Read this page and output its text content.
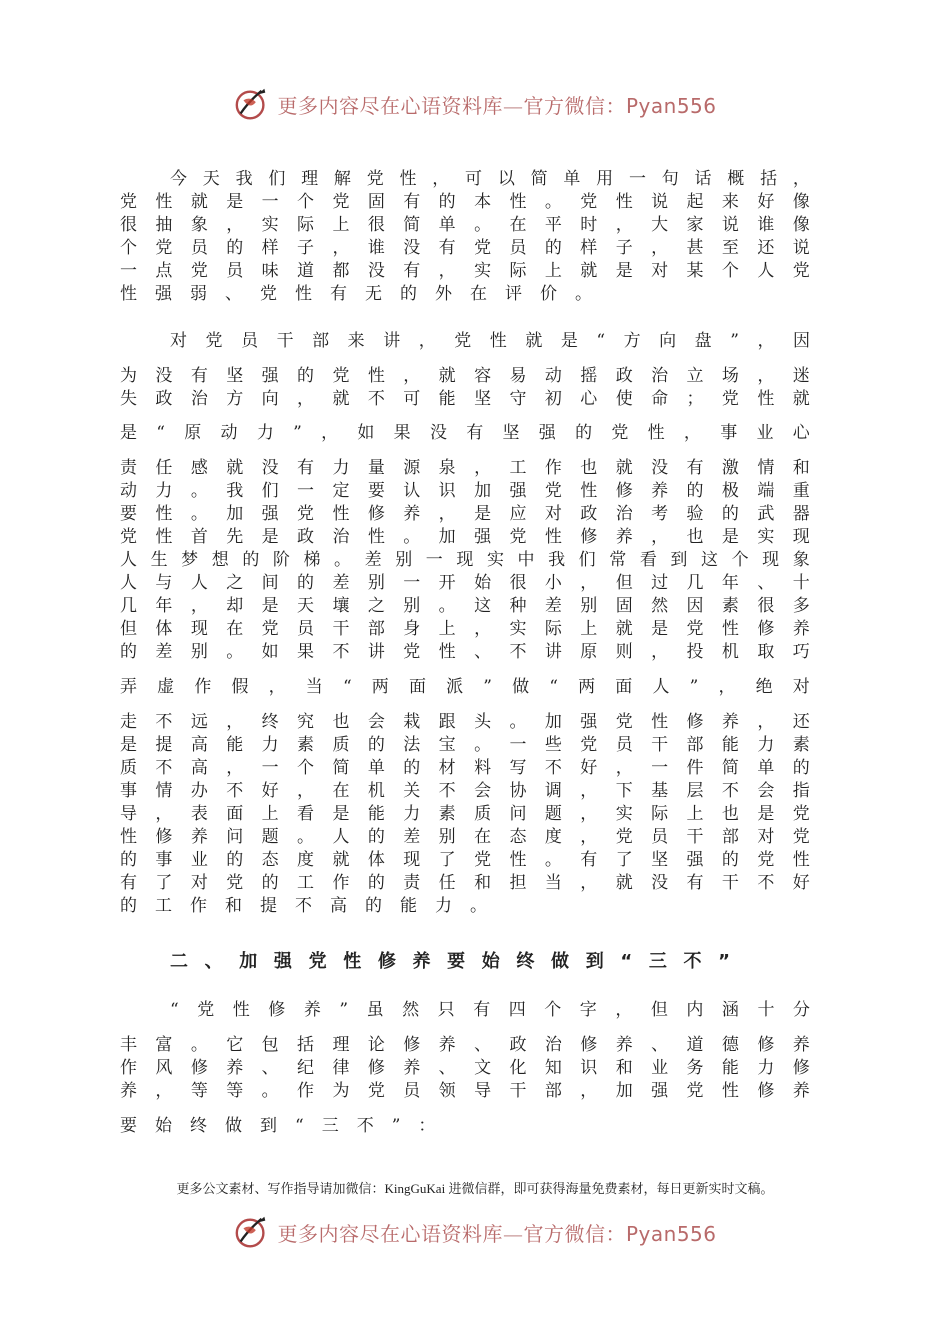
更多内容尽在心语资料库—官方微信：Pyan556
今 天 我 们 理 解 党 性 ， 可 以 简 单 用 一 句 话 概 括 ，
党 性 就 是 一 个 党 固 有 的 本 性 。 党 性 说 起 来 好 像
很 抽 象 ， 实 际 上 很 简 单 。 在 平 时 ， 大 家 说 谁 像
个 党 员 的 样 子 ， 谁 没 有 党 员 的 样 子 ， 甚 至 还 说
一 点 党 员 味 道 都 没 有 ， 实 际 上 就 是 对 某 个 人 党
性 强 弱 、 党 性 有 无 的 外 在 评 价 。
对 党 员 干 部 来 讲 ， 党 性 就 是 “ 方 向 盘 ” ， 因
为 没 有 坚 强 的 党 性 ， 就 容 易 动 摇 政 治 立 场 ， 迷
失 政 治 方 向 ， 就 不 可 能 坚 守 初 心 使 命 ； 党 性 就
是 “ 原 动 力 ” ， 如 果 没 有 坚 强 的 党 性 ， 事 业 心
责 任 感 就 没 有 力 量 源 泉 ， 工 作 也 就 没 有 激 情 和
动 力 。 我 们 一 定 要 认 识 加 强 党 性 修 养 的 极 端 重
要 性 。 加 强 党 性 修 养 ， 是 应 对 政 治 考 验 的 武 器
党 性 首 先 是 政 治 性 。 加 强 党 性 修 养 ， 也 是 实 现
人 生 梦 想 的 阶 梯 。 差 别 一 现 实 中 我 们 常 看 到 这 个 现 象
人 与 人 之 间 的 差 别 一 开 始 很 小 ， 但 过 几 年 、 十
几 年 ， 却 是 天 壤 之 别 。 这 种 差 别 固 然 因 素 很 多
但 体 现 在 党 员 干 部 身 上 ， 实 际 上 就 是 党 性 修 养
的 差 别 。 如 果 不 讲 党 性 、 不 讲 原 则 ， 投 机 取 巧
弄 虚 作 假 ， 当 “ 两 面 派 ” 做 “ 两 面 人 ” ， 绝 对
走 不 远 ， 终 究 也 会 栽 跟 头 。 加 强 党 性 修 养 ， 还
是 提 高 能 力 素 质 的 法 宝 。 一 些 党 员 干 部 能 力 素
质 不 高 ， 一 个 简 单 的 材 料 写 不 好 ， 一 件 简 单 的
事 情 办 不 好 ， 在 机 关 不 会 协 调 ， 下 基 层 不 会 指
导 ， 表 面 上 看 是 能 力 素 质 问 题 ， 实 际 上 也 是 党
性 修 养 问 题 。 人 的 差 别 在 态 度 ， 党 员 干 部 对 党
的 事 业 的 态 度 就 体 现 了 党 性 。 有 了 坚 强 的 党 性
有 了 对 党 的 工 作 的 责 任 和 担 当 ， 就 没 有 干 不 好
的 工 作 和 提 不 高 的 能 力 。
二 、 加 强 党 性 修 养 要 始 终 做 到 “ 三 不 ”
“ 党 性 修 养 ” 虽 然 只 有 四 个 字 ， 但 内 涵 十 分
丰 富 。 它 包 括 理 论 修 养 、 政 治 修 养 、 道 德 修 养
作 风 修 养 、 纪 律 修 养 、 文 化 知 识 和 业 务 能 力 修
养 ， 等 等 。 作 为 党 员 领 导 干 部 ， 加 强 党 性 修 养
要 始 终 做 到 “ 三 不 ” ：
更多公文素材、写作指导请加微信：KingGuKai 进微信群，即可获得海量免费素材，每日更新实时文稿。
更多内容尽在心语资料库—官方微信：Pyan556
